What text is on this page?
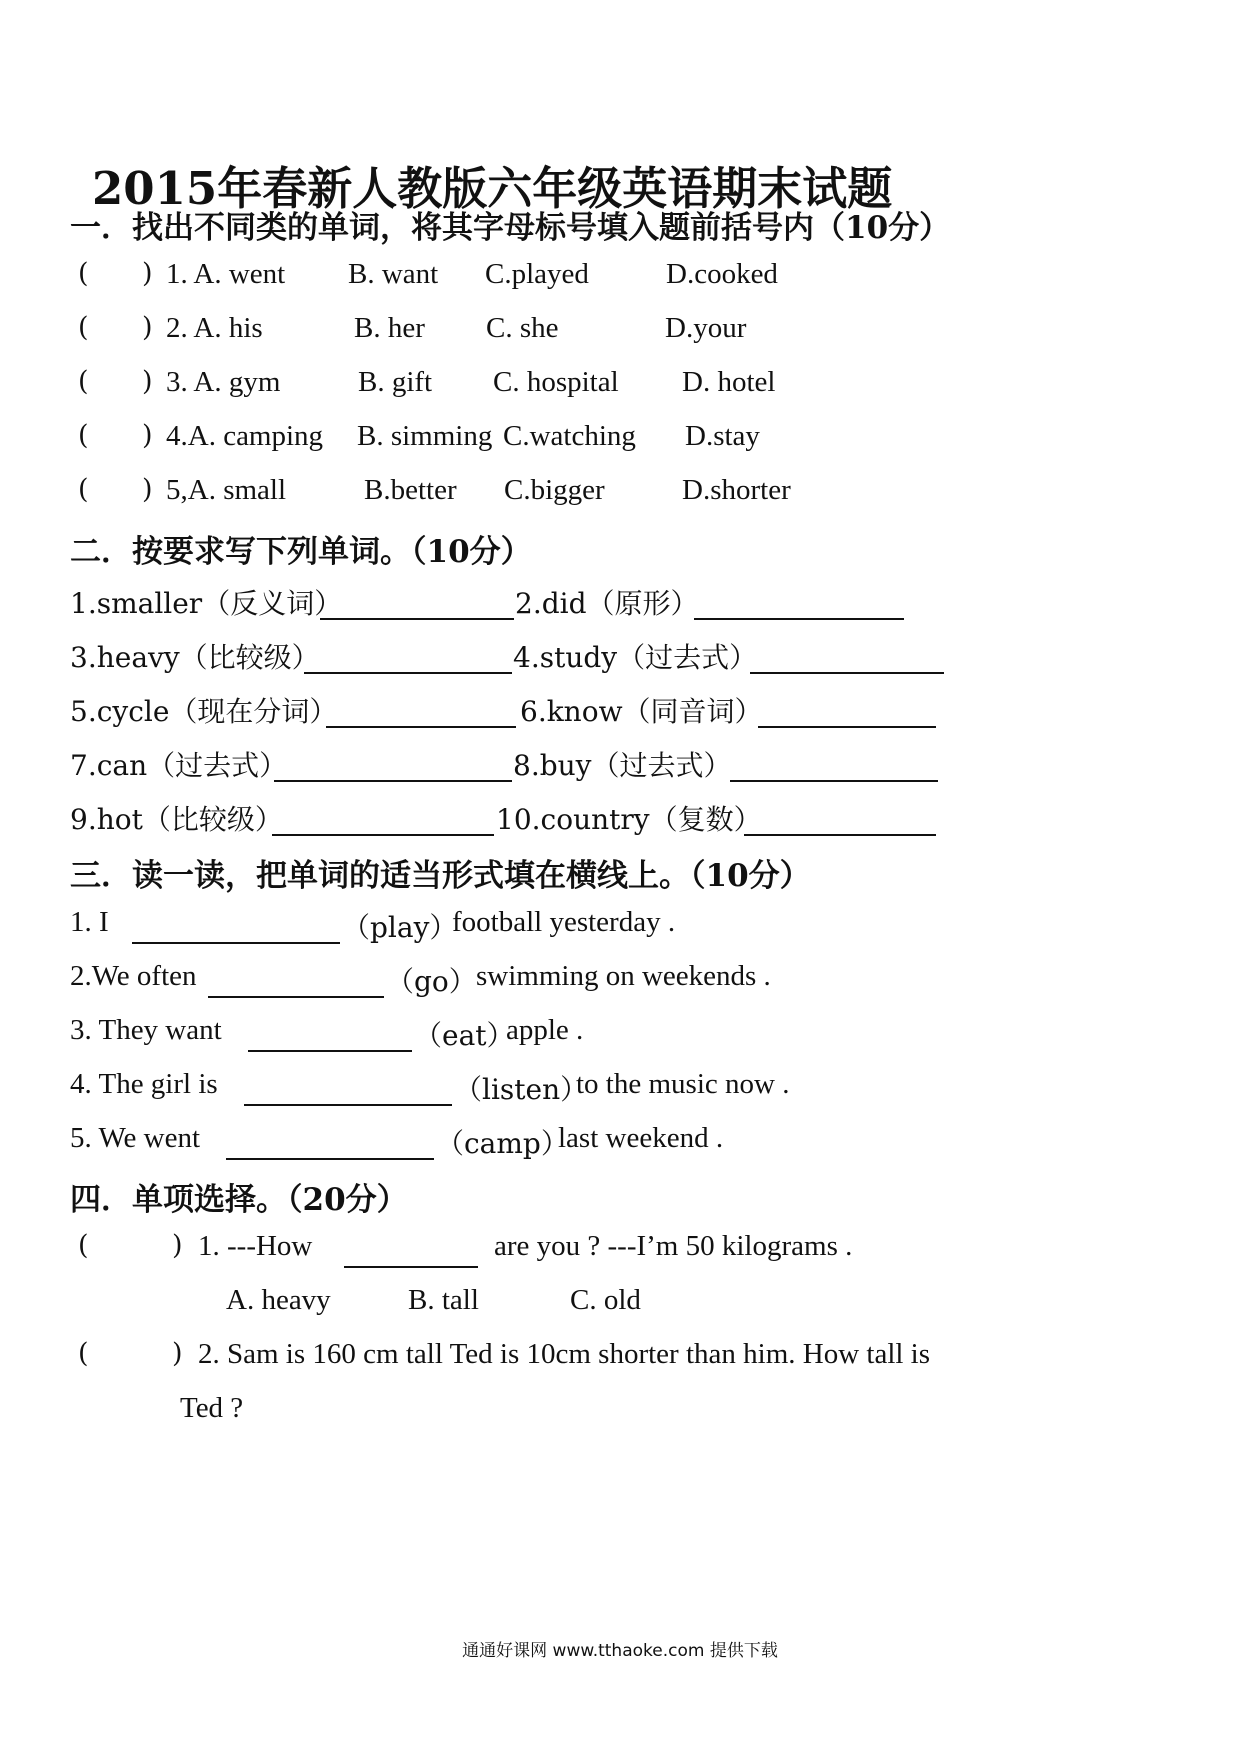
2015年春新人教版六年级英语期末试题
一．找出不同类的单词，将其字母标号填入题前括号内（10分）
( ) 1. A. went B. want C.played	D.cooked
( ) 2. A. his	B. her C. she	D.your
( ) 3. A. gym	B. gift C. hospital D. hotel
( ) 4.A. camping B. simming C.watching D.stay
( ) 5,A. small	B.better C.bigger	D.shorter
二．按要求写下列单词。（10分）
1.smaller（反义词）	2.did（原形）
3.heavy（比较级）	4.study（过去式）
5.cycle（现在分词）	6.know（同音词）
7.can（过去式）	8.buy（过去式）
9.hot（比较级）	10.country（复数）
三．读一读，把单词的适当形式填在横线上。（10分）
1. I	（play）
football yesterday .
2.We often	（go） swimming on weekends .
3. They want	（eat）
apple .
4. The girl is	（listen）
to the music now .
5. We went	（camp）
last weekend .
四．单项选择。（20分）
(	) 1. ---How	are you ? ---I’m 50 kilograms .
A. heavy	B. tall	C. old
(	) 2. Sam is 160 cm tall Ted is 10cm shorter than him. How tall is
Ted ?
通通好课网 www.tthaoke.com 提供下载
